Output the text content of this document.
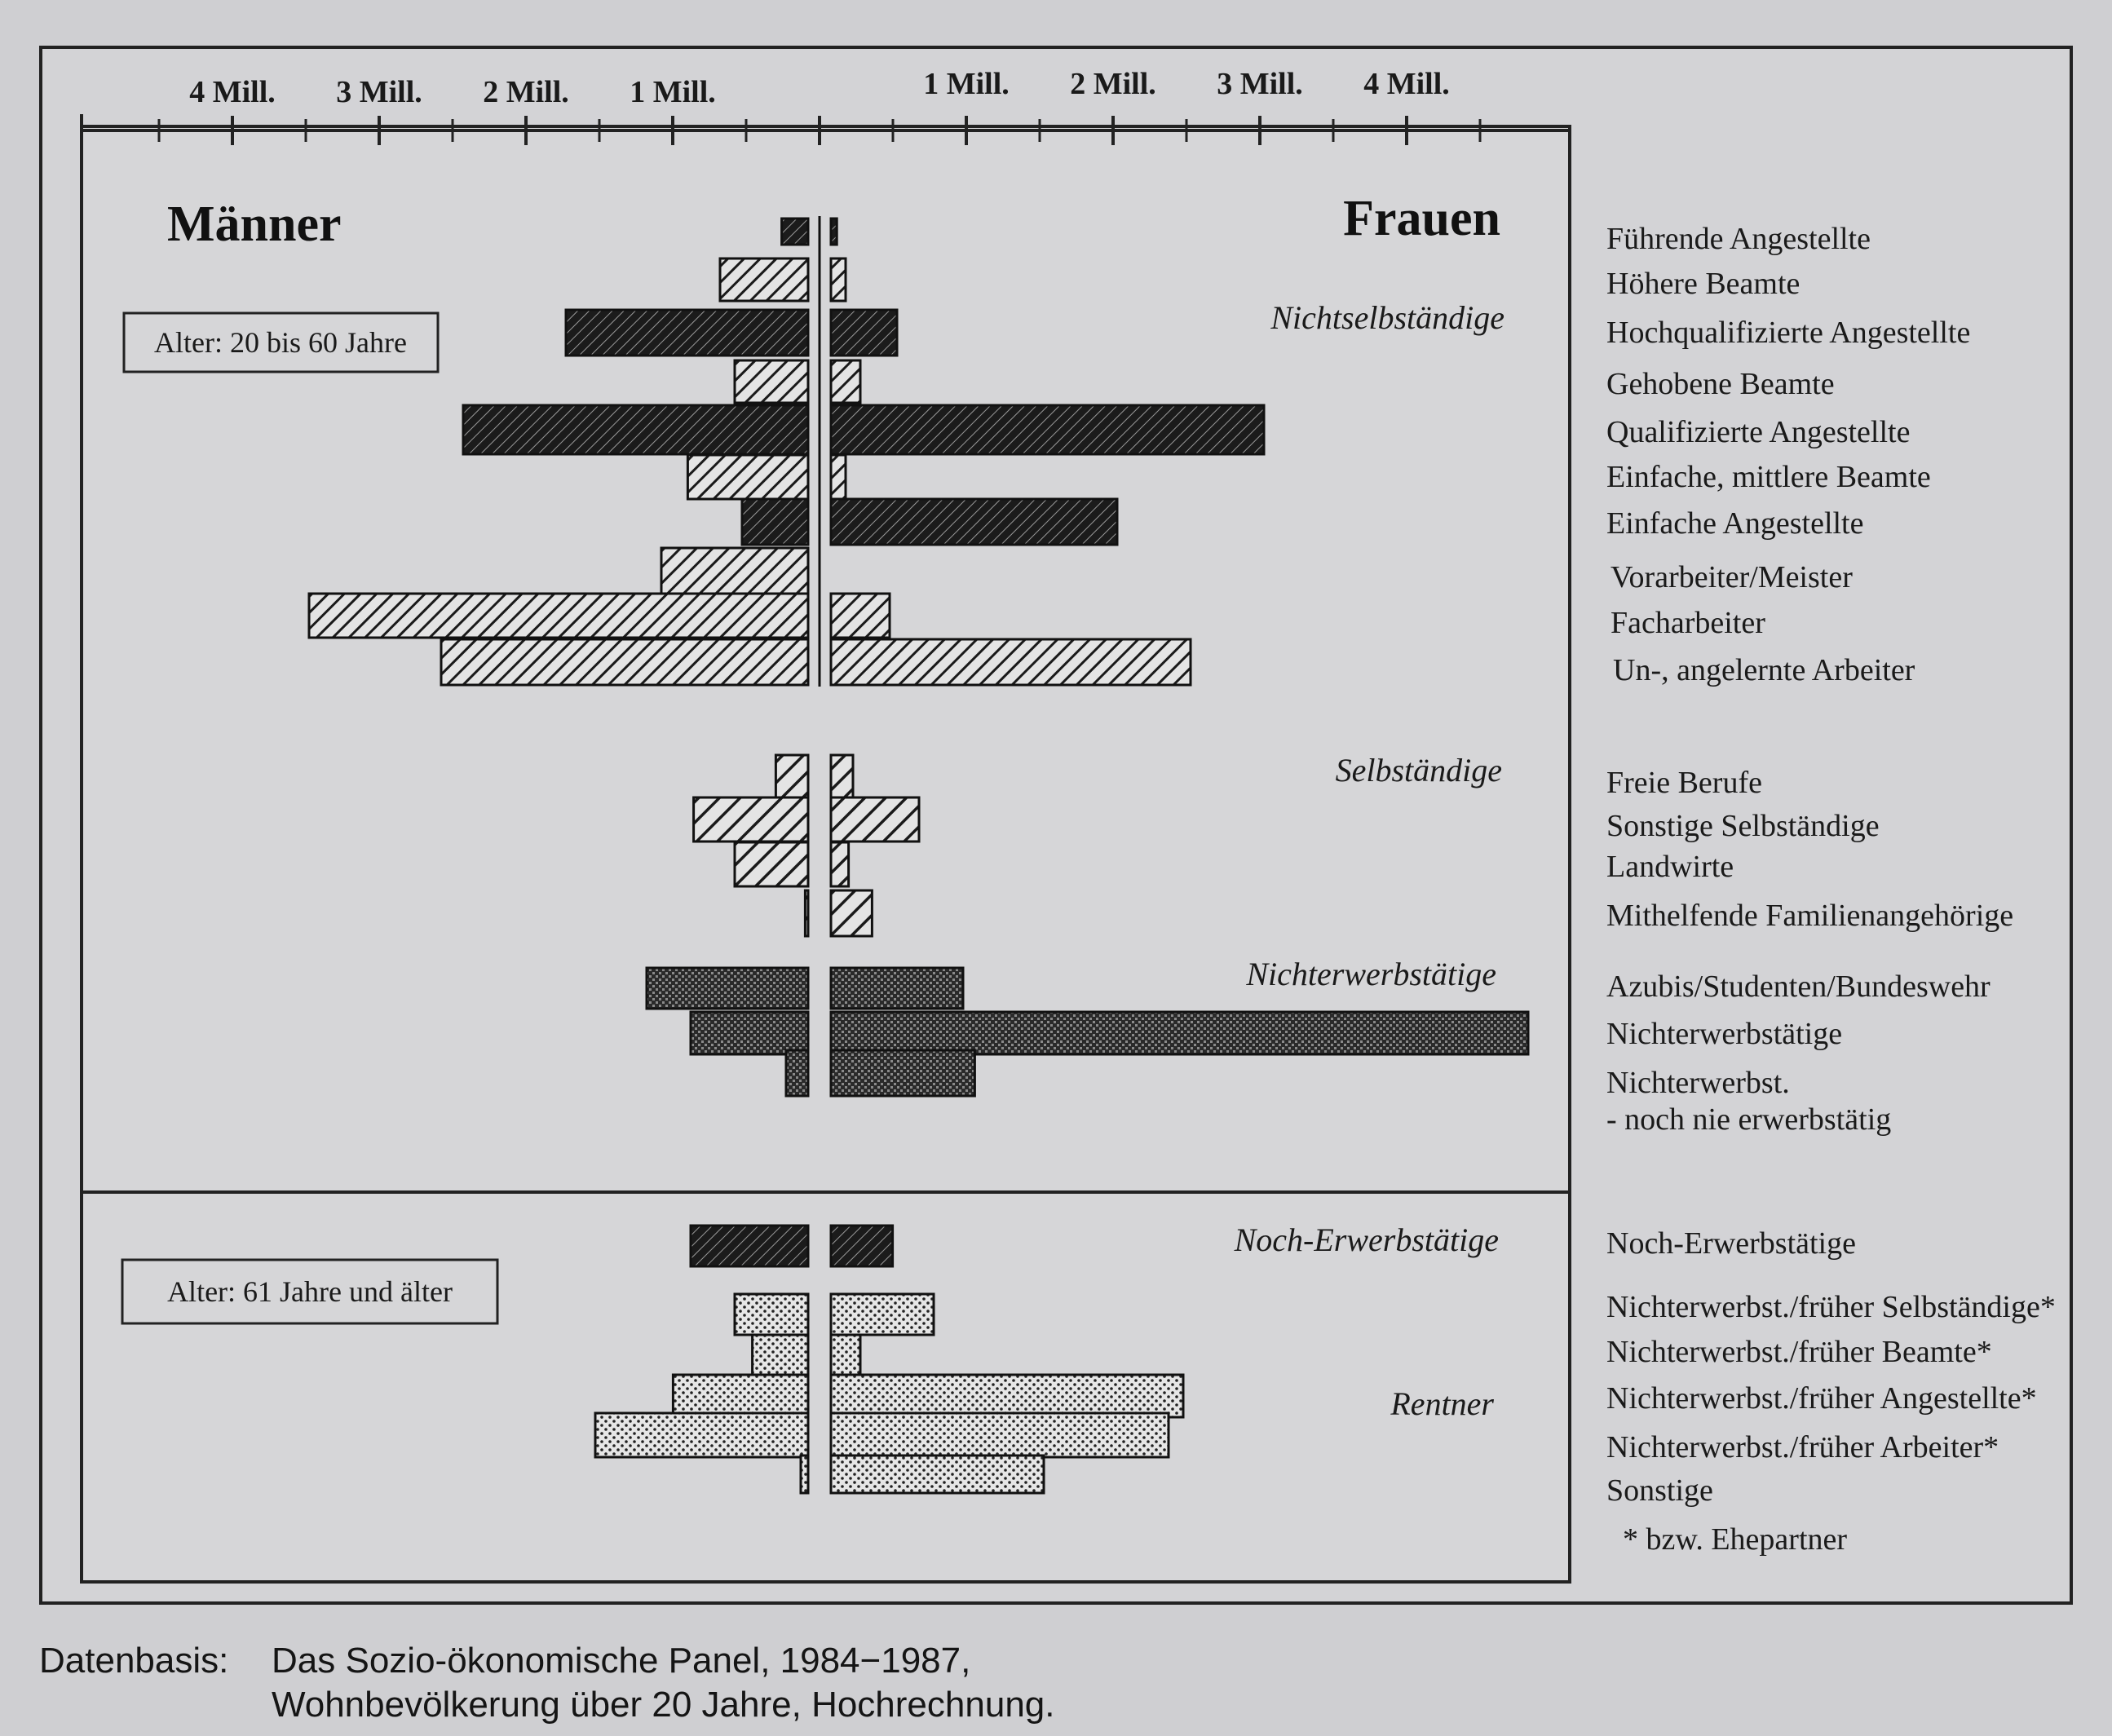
4 Mill. 3 Mill. 2 Mill. 1 Mill.	1 Mill. 2 Mill. 3 Mill. 4 Mill.
Männer	Frauen
Alter: 20 bis 60 Jahre
Alter: 61 Jahre und älter
Nichtselbständige
Selbständige
Nichterwerbstätige
Noch-Erwerbstätige
Rentner
Führende Angestellte
Höhere Beamte
Hochqualifizierte Angestellte
Gehobene Beamte
Qualifizierte Angestellte
Einfache, mittlere Beamte
Einfache Angestellte
Vorarbeiter/Meister
Facharbeiter
Un-, angelernte Arbeiter
Freie Berufe
Sonstige Selbständige
Landwirte
Mithelfende Familienangehörige
Azubis/Studenten/Bundeswehr
Nichterwerbstätige
Nichterwerbst.
- noch nie erwerbstätig
Noch-Erwerbstätige
Nichterwerbst./früher Selbständige*
Nichterwerbst./früher Beamte*
Nichterwerbst./früher Angestellte*
Nichterwerbst./früher Arbeiter*
Sonstige
* bzw. Ehepartner
Datenbasis: Das Sozio-ökonomische Panel, 1984−1987,
Wohnbevölkerung über 20 Jahre, Hochrechnung.
